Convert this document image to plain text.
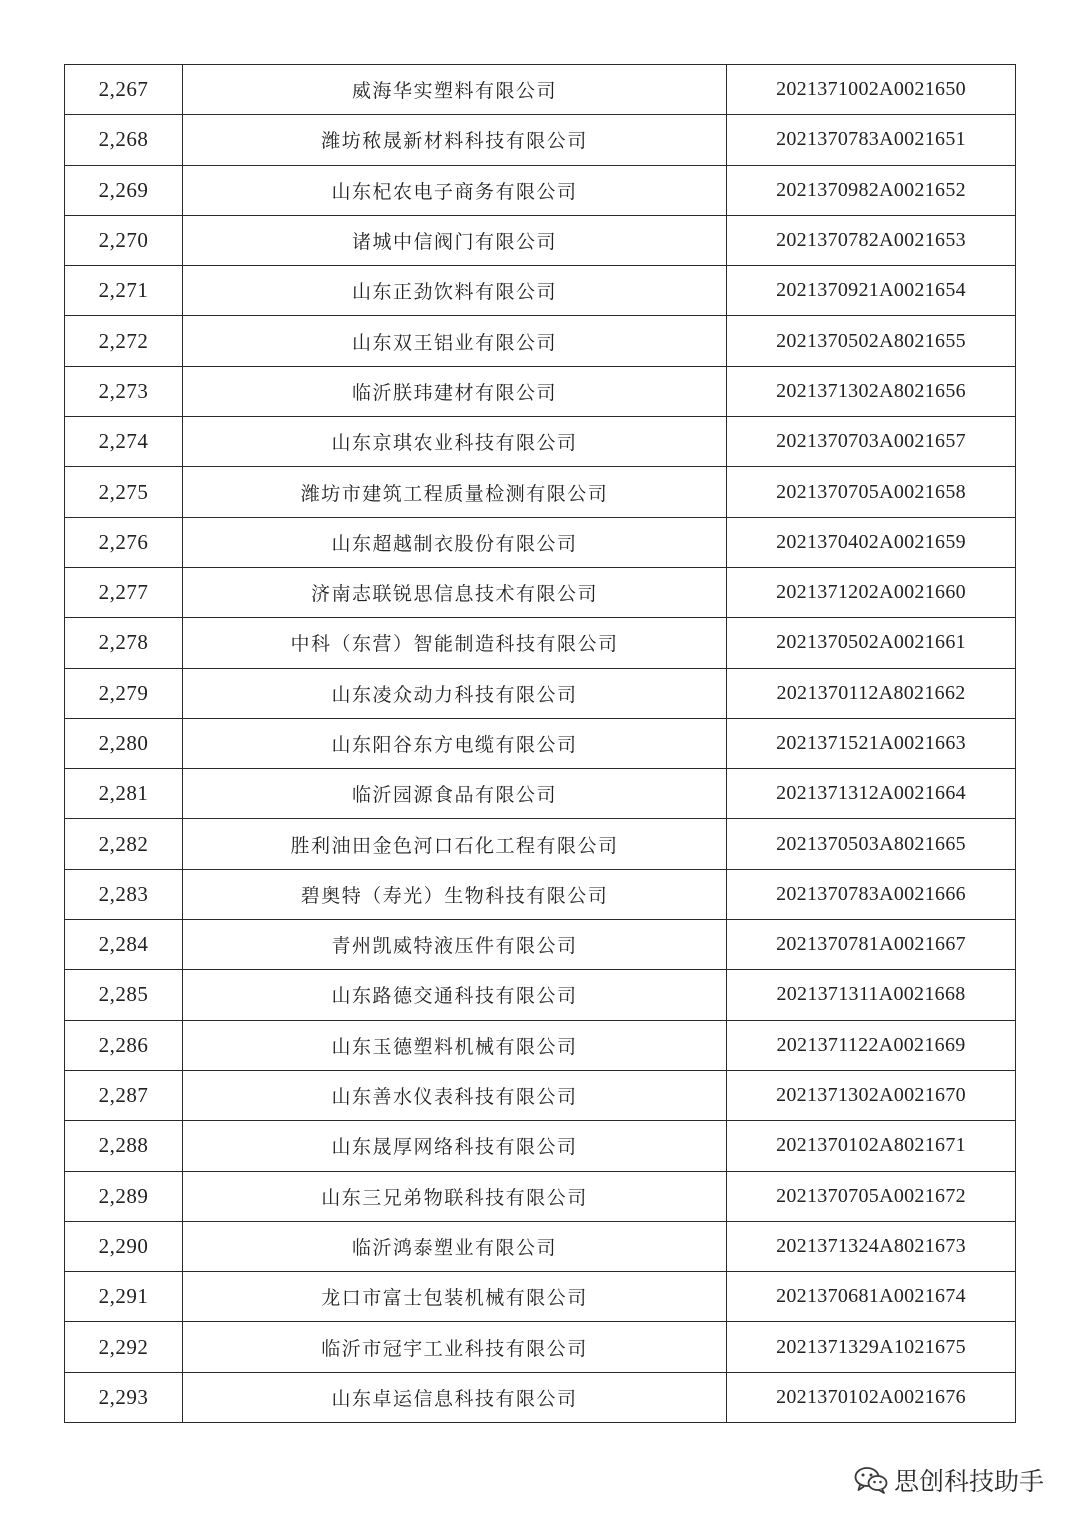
2,267	威海华实塑料有限公司	2021371002A0021650
2,268	潍坊秾晟新材料科技有限公司	2021370783A0021651
2,269	山东杞农电子商务有限公司	2021370982A0021652
2,270	诸城中信阀门有限公司	2021370782A0021653
2,271	山东正劲饮料有限公司	2021370921A0021654
2,272	山东双王铝业有限公司	2021370502A8021655
2,273	临沂朕玮建材有限公司	2021371302A8021656
2,274	山东京琪农业科技有限公司	2021370703A0021657
2,275	潍坊市建筑工程质量检测有限公司	2021370705A0021658
2,276	山东超越制衣股份有限公司	2021370402A0021659
2,277	济南志联锐思信息技术有限公司	2021371202A0021660
2,278	中科（东营）智能制造科技有限公司	2021370502A0021661
2,279	山东凌众动力科技有限公司	2021370112A8021662
2,280	山东阳谷东方电缆有限公司	2021371521A0021663
2,281	临沂园源食品有限公司	2021371312A0021664
2,282	胜利油田金色河口石化工程有限公司	2021370503A8021665
2,283	碧奥特（寿光）生物科技有限公司	2021370783A0021666
2,284	青州凯威特液压件有限公司	2021370781A0021667
2,285	山东路德交通科技有限公司	2021371311A0021668
2,286	山东玉德塑料机械有限公司	2021371122A0021669
2,287	山东善水仪表科技有限公司	2021371302A0021670
2,288	山东晟厚网络科技有限公司	2021370102A8021671
2,289	山东三兄弟物联科技有限公司	2021370705A0021672
2,290	临沂鸿泰塑业有限公司	2021371324A8021673
2,291	龙口市富士包装机械有限公司	2021370681A0021674
2,292	临沂市冠宇工业科技有限公司	2021371329A1021675
2,293	山东卓运信息科技有限公司	2021370102A0021676
思创科技助手
